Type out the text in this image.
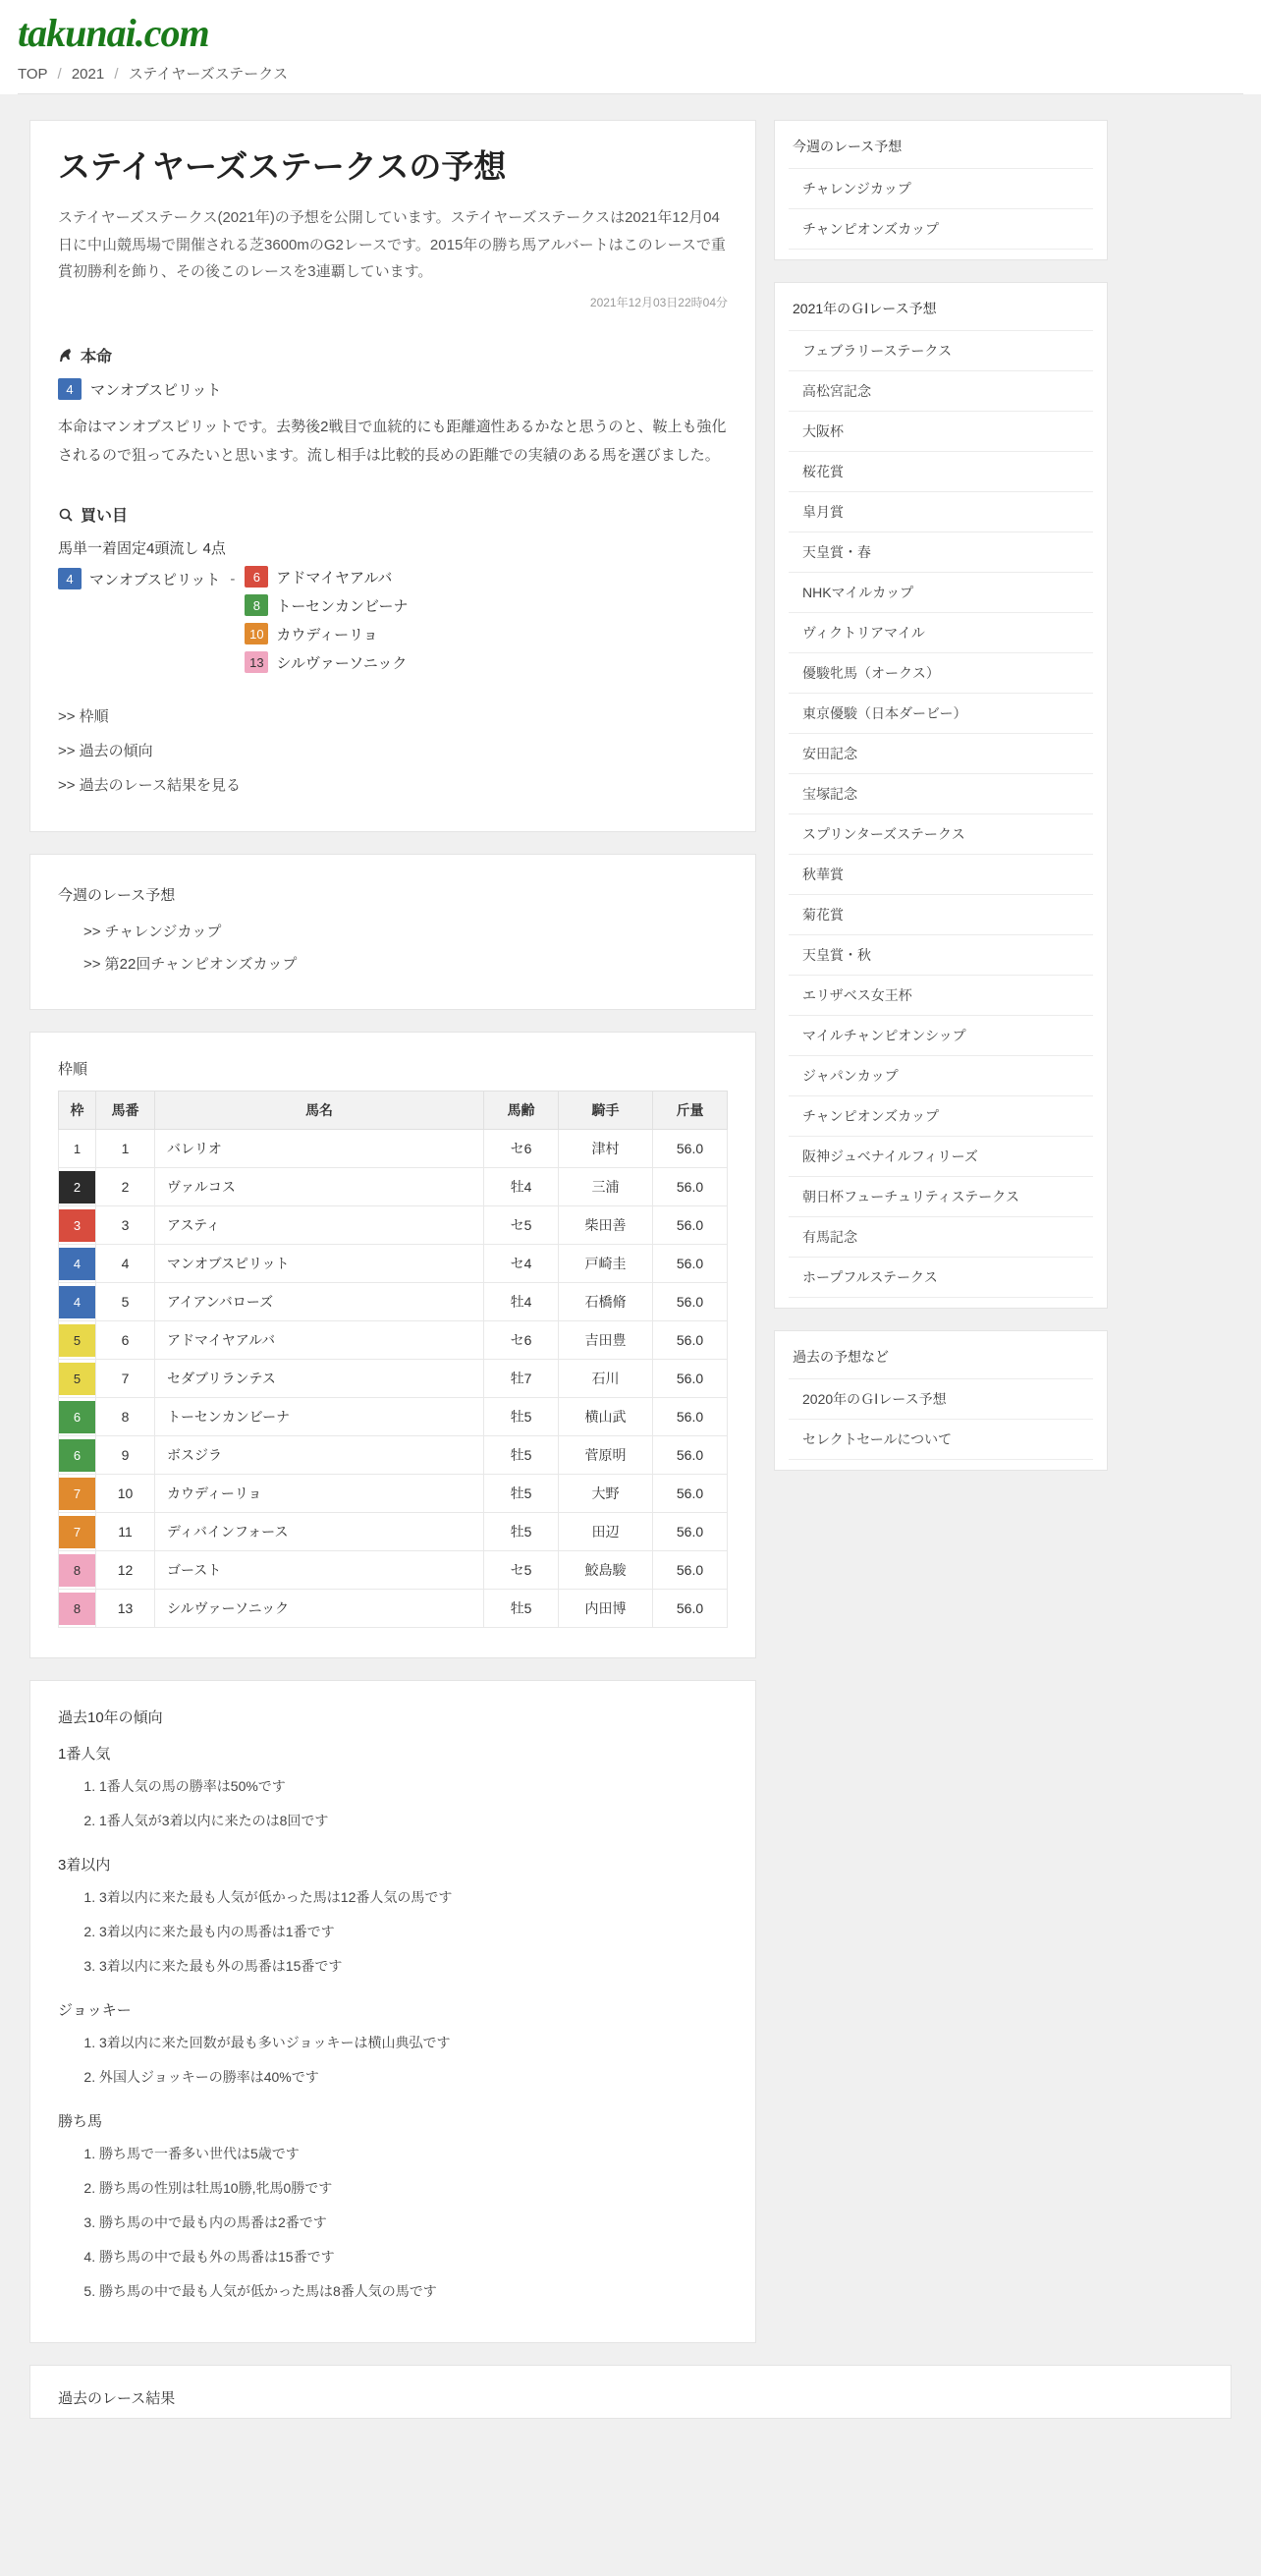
takunai.com
TOP / 2021 / ステイヤーズステークス
ステイヤーズステークスの予想

ステイヤーズステークス(2021年)の予想を公開しています。ステイヤーズステークスは2021年12月04日に中山競馬場で開催される芝3600mのG2レースです。2015年の勝ち馬アルバートはこのレースで重賞初勝利を飾り、その後このレースを3連覇しています。

2021年12月03日22時04分
本命
4	マンオブスピリット

本命はマンオブスピリットです。去勢後2戦目で血統的にも距離適性あるかなと思うのと、鞍上も強化されるので狙ってみたいと思います。流し相手は比較的長めの距離での実績のある馬を選びました。

買い目
馬単一着固定4頭流し 4点
4	マンオブスピリット -	6	アドマイヤアルバ
8	トーセンカンビーナ
10 カウディーリョ
13 シルヴァーソニック
>> 枠順
>> 過去の傾向
>> 過去のレース結果を見る
今週のレース予想
>> チャレンジカップ
>> 第22回チャンピオンズカップ
枠順
枠	馬番	馬名	馬齢	騎手	斤量

1	1	バレリオ	セ6	津村	56.0

2	2	ヴァルコス	牡4	三浦	56.0

3	3	アスティ	セ5	柴田善	56.0

4	4	マンオブスピリット	セ4	戸崎圭	56.0

4	5	アイアンバローズ	牡4	石橋脩	56.0

5	6	アドマイヤアルバ	セ6	吉田豊	56.0

5	7	セダブリランテス	牡7	石川	56.0

6	8	トーセンカンビーナ	牡5	横山武	56.0

6	9	ボスジラ	牡5	菅原明	56.0

7	10	カウディーリョ	牡5	大野	56.0

7	11	ディバインフォース	牡5	田辺	56.0

8	12	ゴースト	セ5	鮫島駿	56.0

8	13	シルヴァーソニック	牡5	内田博	56.0
過去10年の傾向
1番人気
1. 1番人気の馬の勝率は50%です
2. 1番人気が3着以内に来たのは8回です
3着以内
1. 3着以内に来た最も人気が低かった馬は12番人気の馬です
2. 3着以内に来た最も内の馬番は1番です
3. 3着以内に来た最も外の馬番は15番です
ジョッキー
1. 3着以内に来た回数が最も多いジョッキーは横山典弘です
2. 外国人ジョッキーの勝率は40%です
勝ち馬
1. 勝ち馬で一番多い世代は5歳です
2. 勝ち馬の性別は牡馬10勝,牝馬0勝です
3. 勝ち馬の中で最も内の馬番は2番です
4. 勝ち馬の中で最も外の馬番は15番です
5. 勝ち馬の中で最も人気が低かった馬は8番人気の馬です
今週のレース予想
チャレンジカップ
チャンピオンズカップ
2021年のＧⅠレース予想
フェブラリーステークス
高松宮記念
大阪杯
桜花賞
皐月賞
天皇賞・春
NHKマイルカップ
ヴィクトリアマイル
優駿牝馬（オークス）
東京優駿（日本ダービー）
安田記念
宝塚記念
スプリンターズステークス
秋華賞
菊花賞
天皇賞・秋
エリザベス女王杯
マイルチャンピオンシップ
ジャパンカップ
チャンピオンズカップ
阪神ジュベナイルフィリーズ
朝日杯フューチュリティステークス
有馬記念
ホープフルステークス
過去の予想など
2020年のＧⅠレース予想
セレクトセールについて
過去のレース結果
